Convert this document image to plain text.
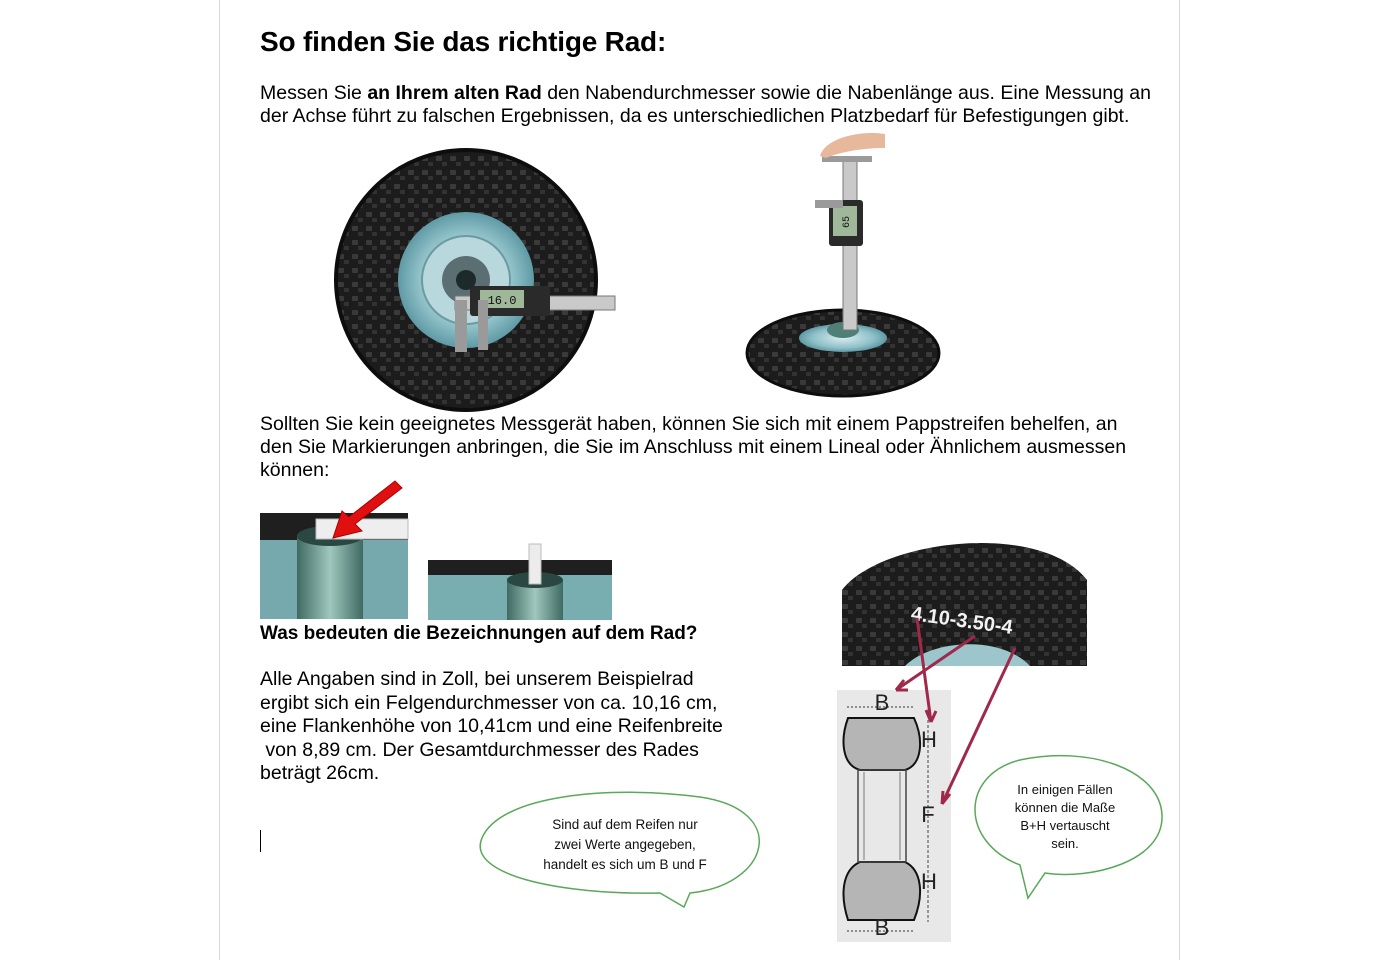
So finden Sie das richtige Rad:
Messen Sie an Ihrem alten Rad den Nabendurchmesser sowie die Nabenlänge aus. Eine Messung an der Achse führt zu falschen Ergebnissen, da es unterschiedlichen Platzbedarf für Befestigungen gibt.
16.0
65
4.10-3.50-4
B
H
F
H
B
Sollten Sie kein geeignetes Messgerät haben, können Sie sich mit einem Pappstreifen behelfen, an den Sie Markierungen anbringen, die Sie im Anschluss mit einem Lineal oder Ähnlichem ausmessen können:
Was bedeuten die Bezeichnungen auf dem Rad?
Alle Angaben sind in Zoll, bei unserem Beispielrad
ergibt sich ein Felgendurchmesser von ca. 10,16 cm,
eine Flankenhöhe von 10,41cm und eine Reifenbreite
von 8,89 cm. Der Gesamtdurchmesser des Rades
beträgt 26cm.
Sind auf dem Reifen nur
zwei Werte angegeben,
handelt es sich um B und F
In einigen Fällen
können die Maße
B+H vertauscht
sein.
